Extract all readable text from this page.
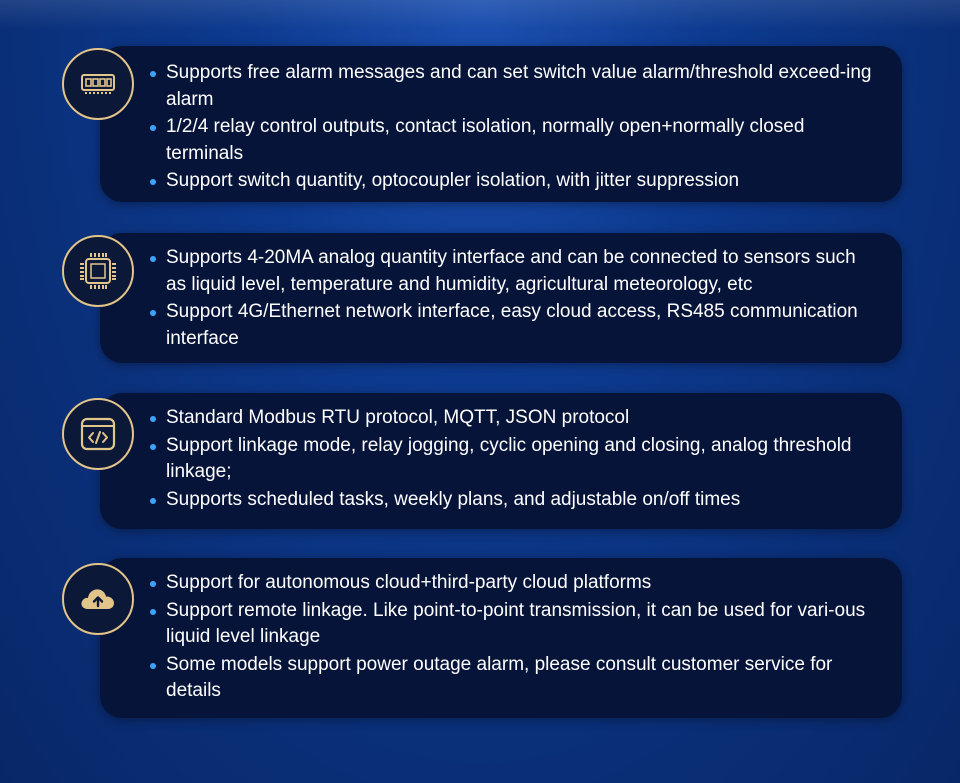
Supports free alarm messages and can set switch value alarm/threshold exceed-ing alarm
1/2/4 relay control outputs, contact isolation, normally open+normally closed terminals
Support switch quantity, optocoupler isolation, with jitter suppression
Supports 4-20MA analog quantity interface and can be connected to sensors such as liquid level, temperature and humidity, agricultural meteorology, etc
Support 4G/Ethernet network interface, easy cloud access, RS485 communication interface
Standard Modbus RTU protocol, MQTT, JSON protocol
Support linkage mode, relay jogging, cyclic opening and closing, analog threshold linkage;
Supports scheduled tasks, weekly plans, and adjustable on/off times
Support for autonomous cloud+third-party cloud platforms
Support remote linkage. Like point-to-point transmission, it can be used for vari-ous liquid level linkage
Some models support power outage alarm, please consult customer service for details
